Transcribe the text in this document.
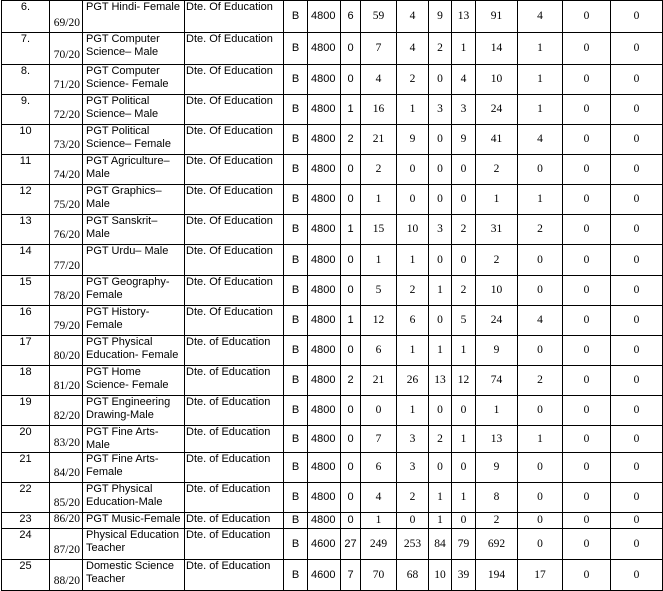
6.	69/20	PGT Hindi- Female	Dte. Of Education	B	4800	6	59	4	9	13	91	4	0	0
7.	70/20	PGT Computer Science– Male	Dte. Of Education	B	4800	0	7	4	2	1	14	1	0	0
8.	71/20	PGT Computer Science- Female	Dte. Of Education	B	4800	0	4	2	0	4	10	1	0	0
9.	72/20	PGT Political Science– Male	Dte. Of Education	B	4800	1	16	1	3	3	24	1	0	0
10	73/20	PGT Political Science– Female	Dte. Of Education	B	4800	2	21	9	0	9	41	4	0	0
11	74/20	PGT Agriculture– Male	Dte. Of Education	B	4800	0	2	0	0	0	2	0	0	0
12	75/20	PGT Graphics– Male	Dte. Of Education	B	4800	0	1	0	0	0	1	1	0	0
13	76/20	PGT Sanskrit– Male	Dte. Of Education	B	4800	1	15	10	3	2	31	2	0	0
14	77/20	PGT Urdu– Male	Dte. Of Education	B	4800	0	1	1	0	0	2	0	0	0
15	78/20	PGT Geography- Female	Dte. Of Education	B	4800	0	5	2	1	2	10	0	0	0
16	79/20	PGT History- Female	Dte. Of Education	B	4800	1	12	6	0	5	24	4	0	0
17	80/20	PGT Physical Education- Female	Dte. of Education	B	4800	0	6	1	1	1	9	0	0	0
18	81/20	PGT Home Science- Female	Dte. of Education	B	4800	2	21	26	13	12	74	2	0	0
19	82/20	PGT Engineering Drawing-Male	Dte. of Education	B	4800	0	0	1	0	0	1	0	0	0
20	83/20	PGT Fine Arts-Male	Dte. of Education	B	4800	0	7	3	2	1	13	1	0	0
21	84/20	PGT Fine Arts- Female	Dte. of Education	B	4800	0	6	3	0	0	9	0	0	0
22	85/20	PGT Physical Education-Male	Dte. of Education	B	4800	0	4	2	1	1	8	0	0	0
23	86/20	PGT Music-Female	Dte. of Education	B	4800	0	1	0	1	0	2	0	0	0
24	87/20	Physical Education Teacher	Dte. of Education	B	4600	27	249	253	84	79	692	0	0	0
25	88/20	Domestic Science Teacher	Dte. of Education	B	4600	7	70	68	10	39	194	17	0	0
